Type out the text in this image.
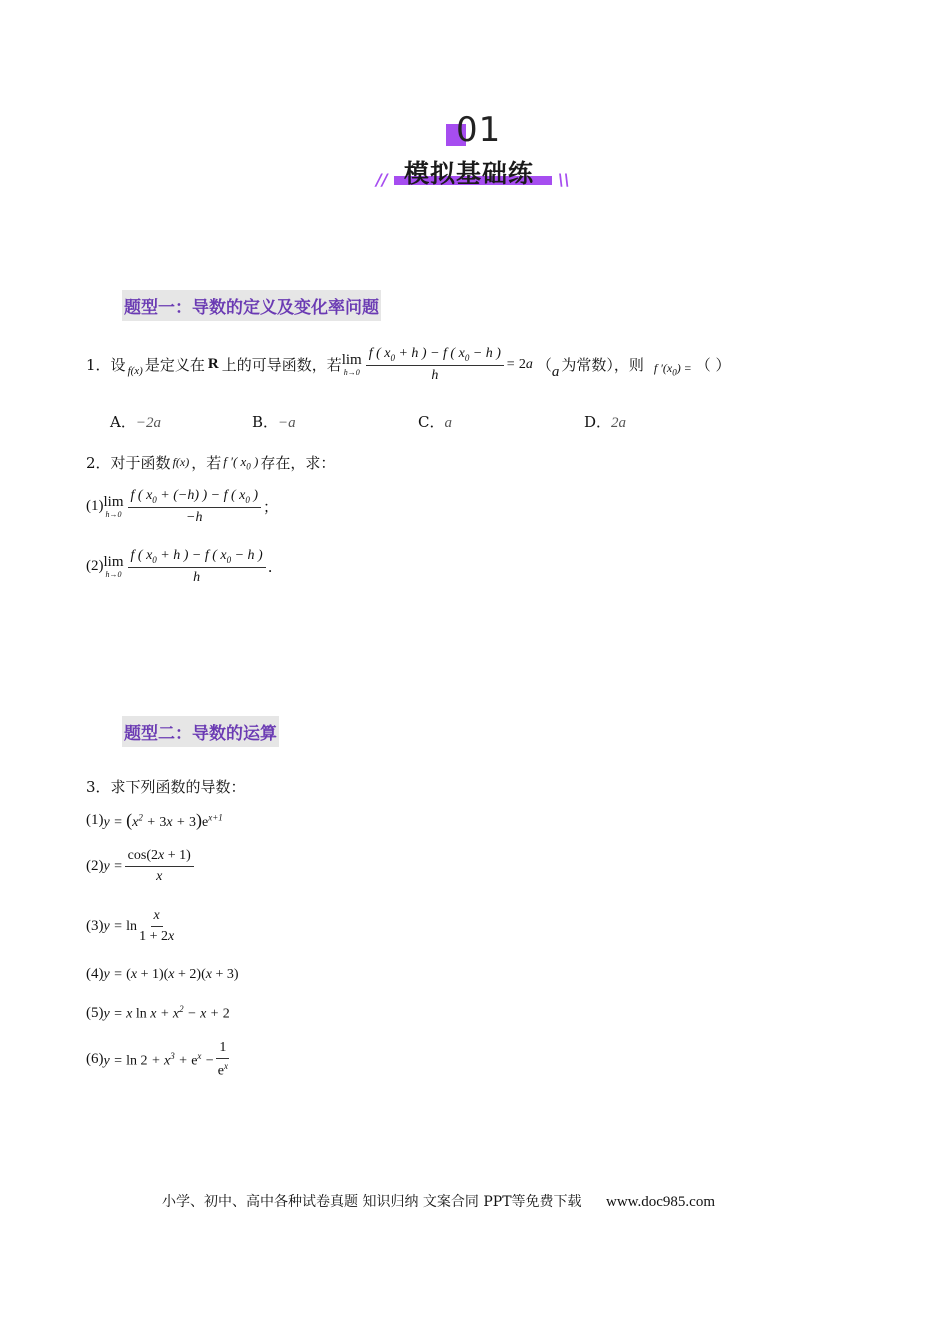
01
//	\\
模拟基础练
题型一：导数的定义及变化率问题
1． 设 f(x) 是定义在 R 上的可导函数，若 lim
$h\to 0 \frac{f ( x_0 + h ) - f ( x_0 - h )}{h} = 2a$ （ a 为常数），则 f $'(x_0)$ = （ ）
A．−2a	B．−a	C．a	D．2a
2． 对于函数 f(x) ，若 f ′( $x_0$ ) 存在，求：
(1) lim
$h\to 0 \frac{f ( x_0 + (-h) ) - f ( x_0 )}{-h}$ ；
(2) lim
$h\to 0 \frac{f ( x_0 + h ) - f ( x_0 - h )}{h}$ .
题型二：导数的运算
3．求下列函数的导数：
(1) $y = (x^2 + 3x + 3)e^{x+1}$
(2) $y = \frac{\cos(2x + 1)}{x}$
(3) $y = \ln \frac{x}{1 + 2x}$
(4) y = (x + 1)(x + 2)(x + 3)
(5) y = x $\ln x + x^2 - x + 2$
(6) $y = \ln 2 + x^3 + e^x - \frac{1}{e^x}$
小学、初中、高中各种试卷真题 知识归纳 文案合同 PPT等免费下载 www.doc985.com
